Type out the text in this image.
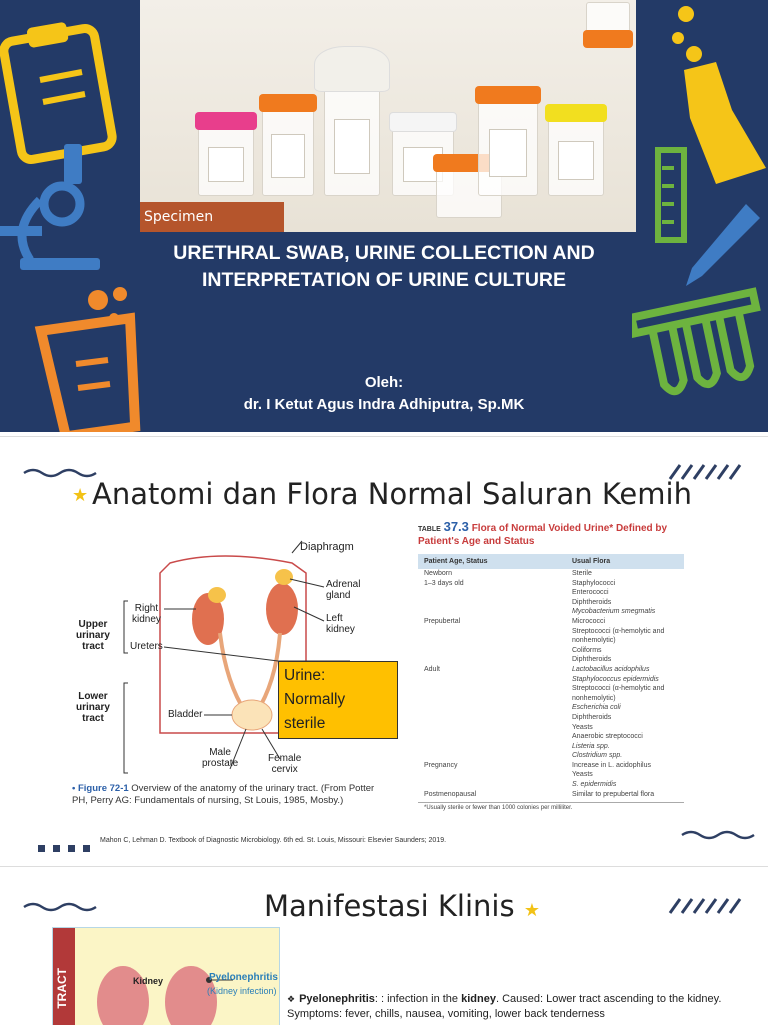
Specimen
URETHRAL SWAB, URINE COLLECTION AND INTERPRETATION OF URINE CULTURE
Oleh:
dr. I Ketut Agus Indra Adhiputra, Sp.MK
★ Anatomi dan Flora Normal Saluran Kemih
Diaphragm
Right
kidney
Adrenal
gland
Left
kidney
Upper
urinary
tract	Ureters
Lower
urinary
tract	Bladder
Male
prostate	Female
cervix
Urine:
Normally
sterile
• Figure 72-1 Overview of the anatomy of the urinary tract. (From Potter PH, Perry AG: Fundamentals of nursing, St Louis, 1985, Mosby.)
TABLE 37.3 Flora of Normal Voided Urine* Defined by Patient's Age and Status
Patient Age, Status	Usual Flora
Newborn	Sterile
1–3 days old	Staphylococci
Enterococci
Diphtheroids
Mycobacterium smegmatis
Prepubertal	Micrococci
Streptococci (α-hemolytic and
nonhemolytic)
Coliforms
Diphtheroids
Adult	Lactobacillus acidophilus
Staphylococcus epidermidis
Streptococci (α-hemolytic and
nonhemolytic)
Escherichia coli
Diphtheroids
Yeasts
Anaerobic streptococci
Listeria spp.
Clostridium spp.
Pregnancy	Increase in L. acidophilus
Yeasts
S. epidermidis
Postmenopausal	Similar to prepubertal flora
*Usually sterile or fewer than 1000 colonies per milliliter.
Mahon C, Lehman D. Textbook of Diagnostic Microbiology. 6th ed. St. Louis, Missouri: Elsevier Saunders; 2019.
Manifestasi Klinis ★
TRACT	Kidney	Pyelonephritis
(Kidney infection)
❖ Pyelonephritis: : infection in the kidney. Caused: Lower tract ascending to the kidney. Symptoms: fever, chills, nausea, vomiting, lower back tenderness
